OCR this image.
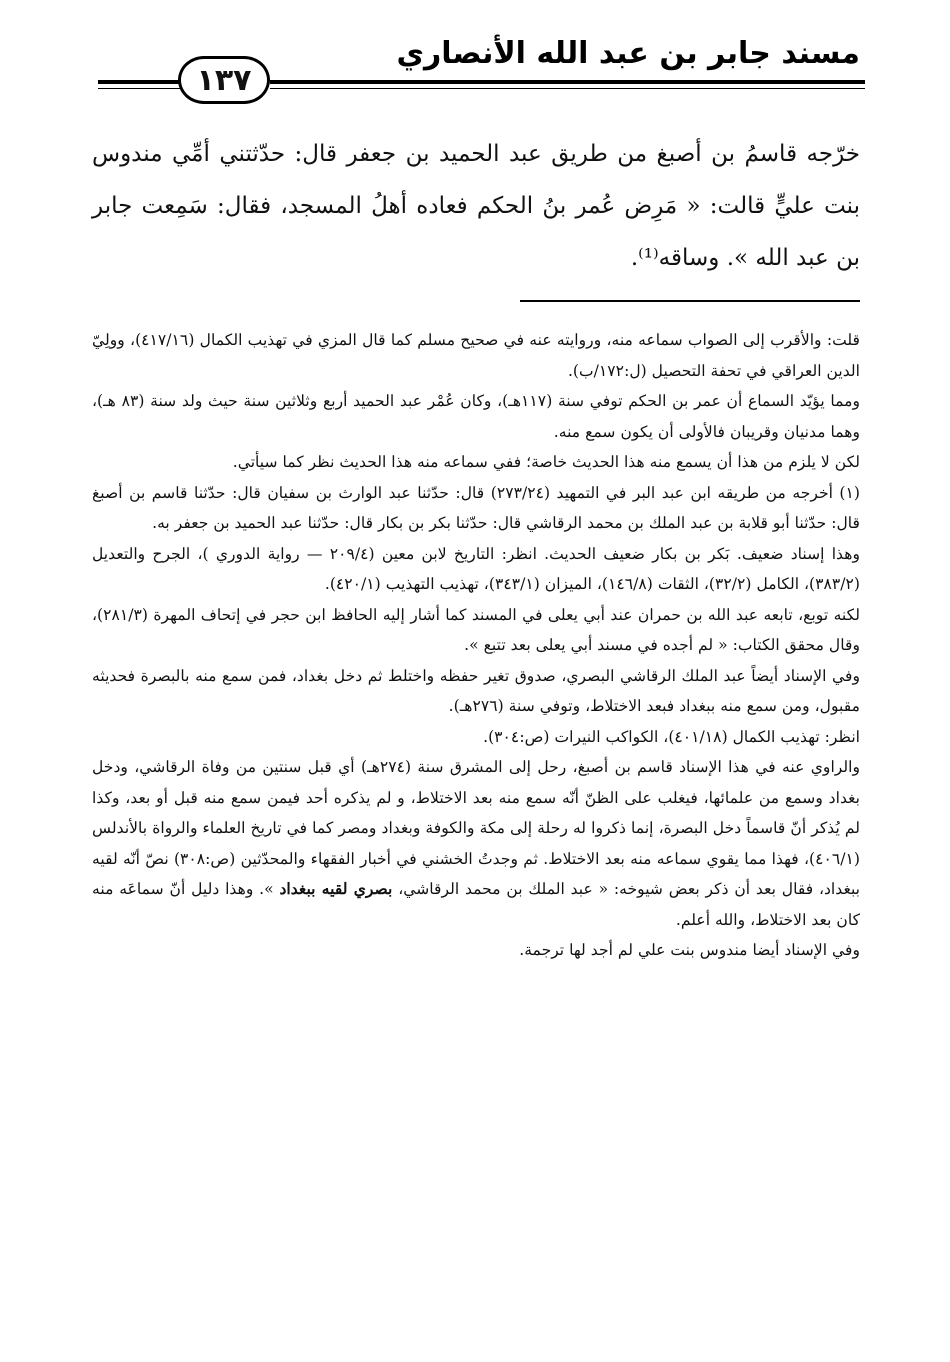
مسند جابر بن عبد الله الأنصاري
١٣٧

خرّجه قاسمُ بن أصبغ من طريق عبد الحميد بن جعفر قال: حدّثتني أمِّي مندوس بنت عليٍّ قالت: « مَرِض عُمر بنُ الحكم فعاده أهلُ المسجد، فقال: سَمِعت جابر بن عبد الله ». وساقه⁽¹⁾.

قلت: والأقرب إلى الصواب سماعه منه، وروايته عنه في صحيح مسلم كما قال المزي في تهذيب الكمال (٤١٧/١٦)، وولِيّ الدين العراقي في تحفة التحصيل (ل:١٧٢/ب).

ومما يؤيّد السماع أن عمر بن الحكم توفي سنة (١١٧هـ)، وكان عُمْر عبد الحميد أربع وثلاثين سنة حيث ولد سنة (٨٣ هـ)، وهما مدنيان وقريبان فالأولى أن يكون سمع منه.

لكن لا يلزم من هذا أن يسمع منه هذا الحديث خاصة؛ ففي سماعه منه هذا الحديث نظر كما سيأتي.

(١) أخرجه من طريقه ابن عبد البر في التمهيد (٢٧٣/٢٤) قال: حدّثنا عبد الوارث بن سفيان قال: حدّثنا قاسم بن أصبغ قال: حدّثنا أبو قلابة بن عبد الملك بن محمد الرقاشي قال: حدّثنا بكر بن بكار قال: حدّثنا عبد الحميد بن جعفر به.

وهذا إسناد ضعيف. بَكر بن بكار ضعيف الحديث. انظر: التاريخ لابن معين (٢٠٩/٤ — رواية الدوري )، الجرح والتعديل (٣٨٣/٢)، الكامل (٣٢/٢)، الثقات (١٤٦/٨)، الميزان (٣٤٣/١)، تهذيب التهذيب (٤٢٠/١).

لكنه توبع، تابعه عبد الله بن حمران عند أبي يعلى في المسند كما أشار إليه الحافظ ابن حجر في إتحاف المهرة (٢٨١/٣)، وقال محقق الكتاب: « لم أجده في مسند أبي يعلى بعد تتبع ».

وفي الإسناد أيضاً عبد الملك الرقاشي البصري، صدوق تغير حفظه واختلط ثم دخل بغداد، فمن سمع منه بالبصرة فحديثه مقبول، ومن سمع منه ببغداد فبعد الاختلاط، وتوفي سنة (٢٧٦هـ).

انظر: تهذيب الكمال (٤٠١/١٨)، الكواكب النيرات (ص:٣٠٤).

والراوي عنه في هذا الإسناد قاسم بن أصبغ، رحل إلى المشرق سنة (٢٧٤هـ) أي قبل سنتين من وفاة الرقاشي، ودخل بغداد وسمع من علمائها، فيغلب على الظنّ أنّه سمع منه بعد الاختلاط، و لم يذكره أحد فيمن سمع منه قبل أو بعد، وكذا لم يُذكر أنّ قاسماً دخل البصرة، إنما ذكروا له رحلة إلى مكة والكوفة وبغداد ومصر كما في تاريخ العلماء والرواة بالأندلس (٤٠٦/١)، فهذا مما يقوي سماعه منه بعد الاختلاط. ثم وجدتُ الخشني في أخبار الفقهاء والمحدّثين (ص:٣٠٨) نصّ أنّه لقيه ببغداد، فقال بعد أن ذكر بعض شيوخه: « عبد الملك بن محمد الرقاشي، بصري لقيه ببغداد ». وهذا دليل أنّ سماعَه منه كان بعد الاختلاط، والله أعلم.

وفي الإسناد أيضا مندوس بنت علي لم أجد لها ترجمة.
